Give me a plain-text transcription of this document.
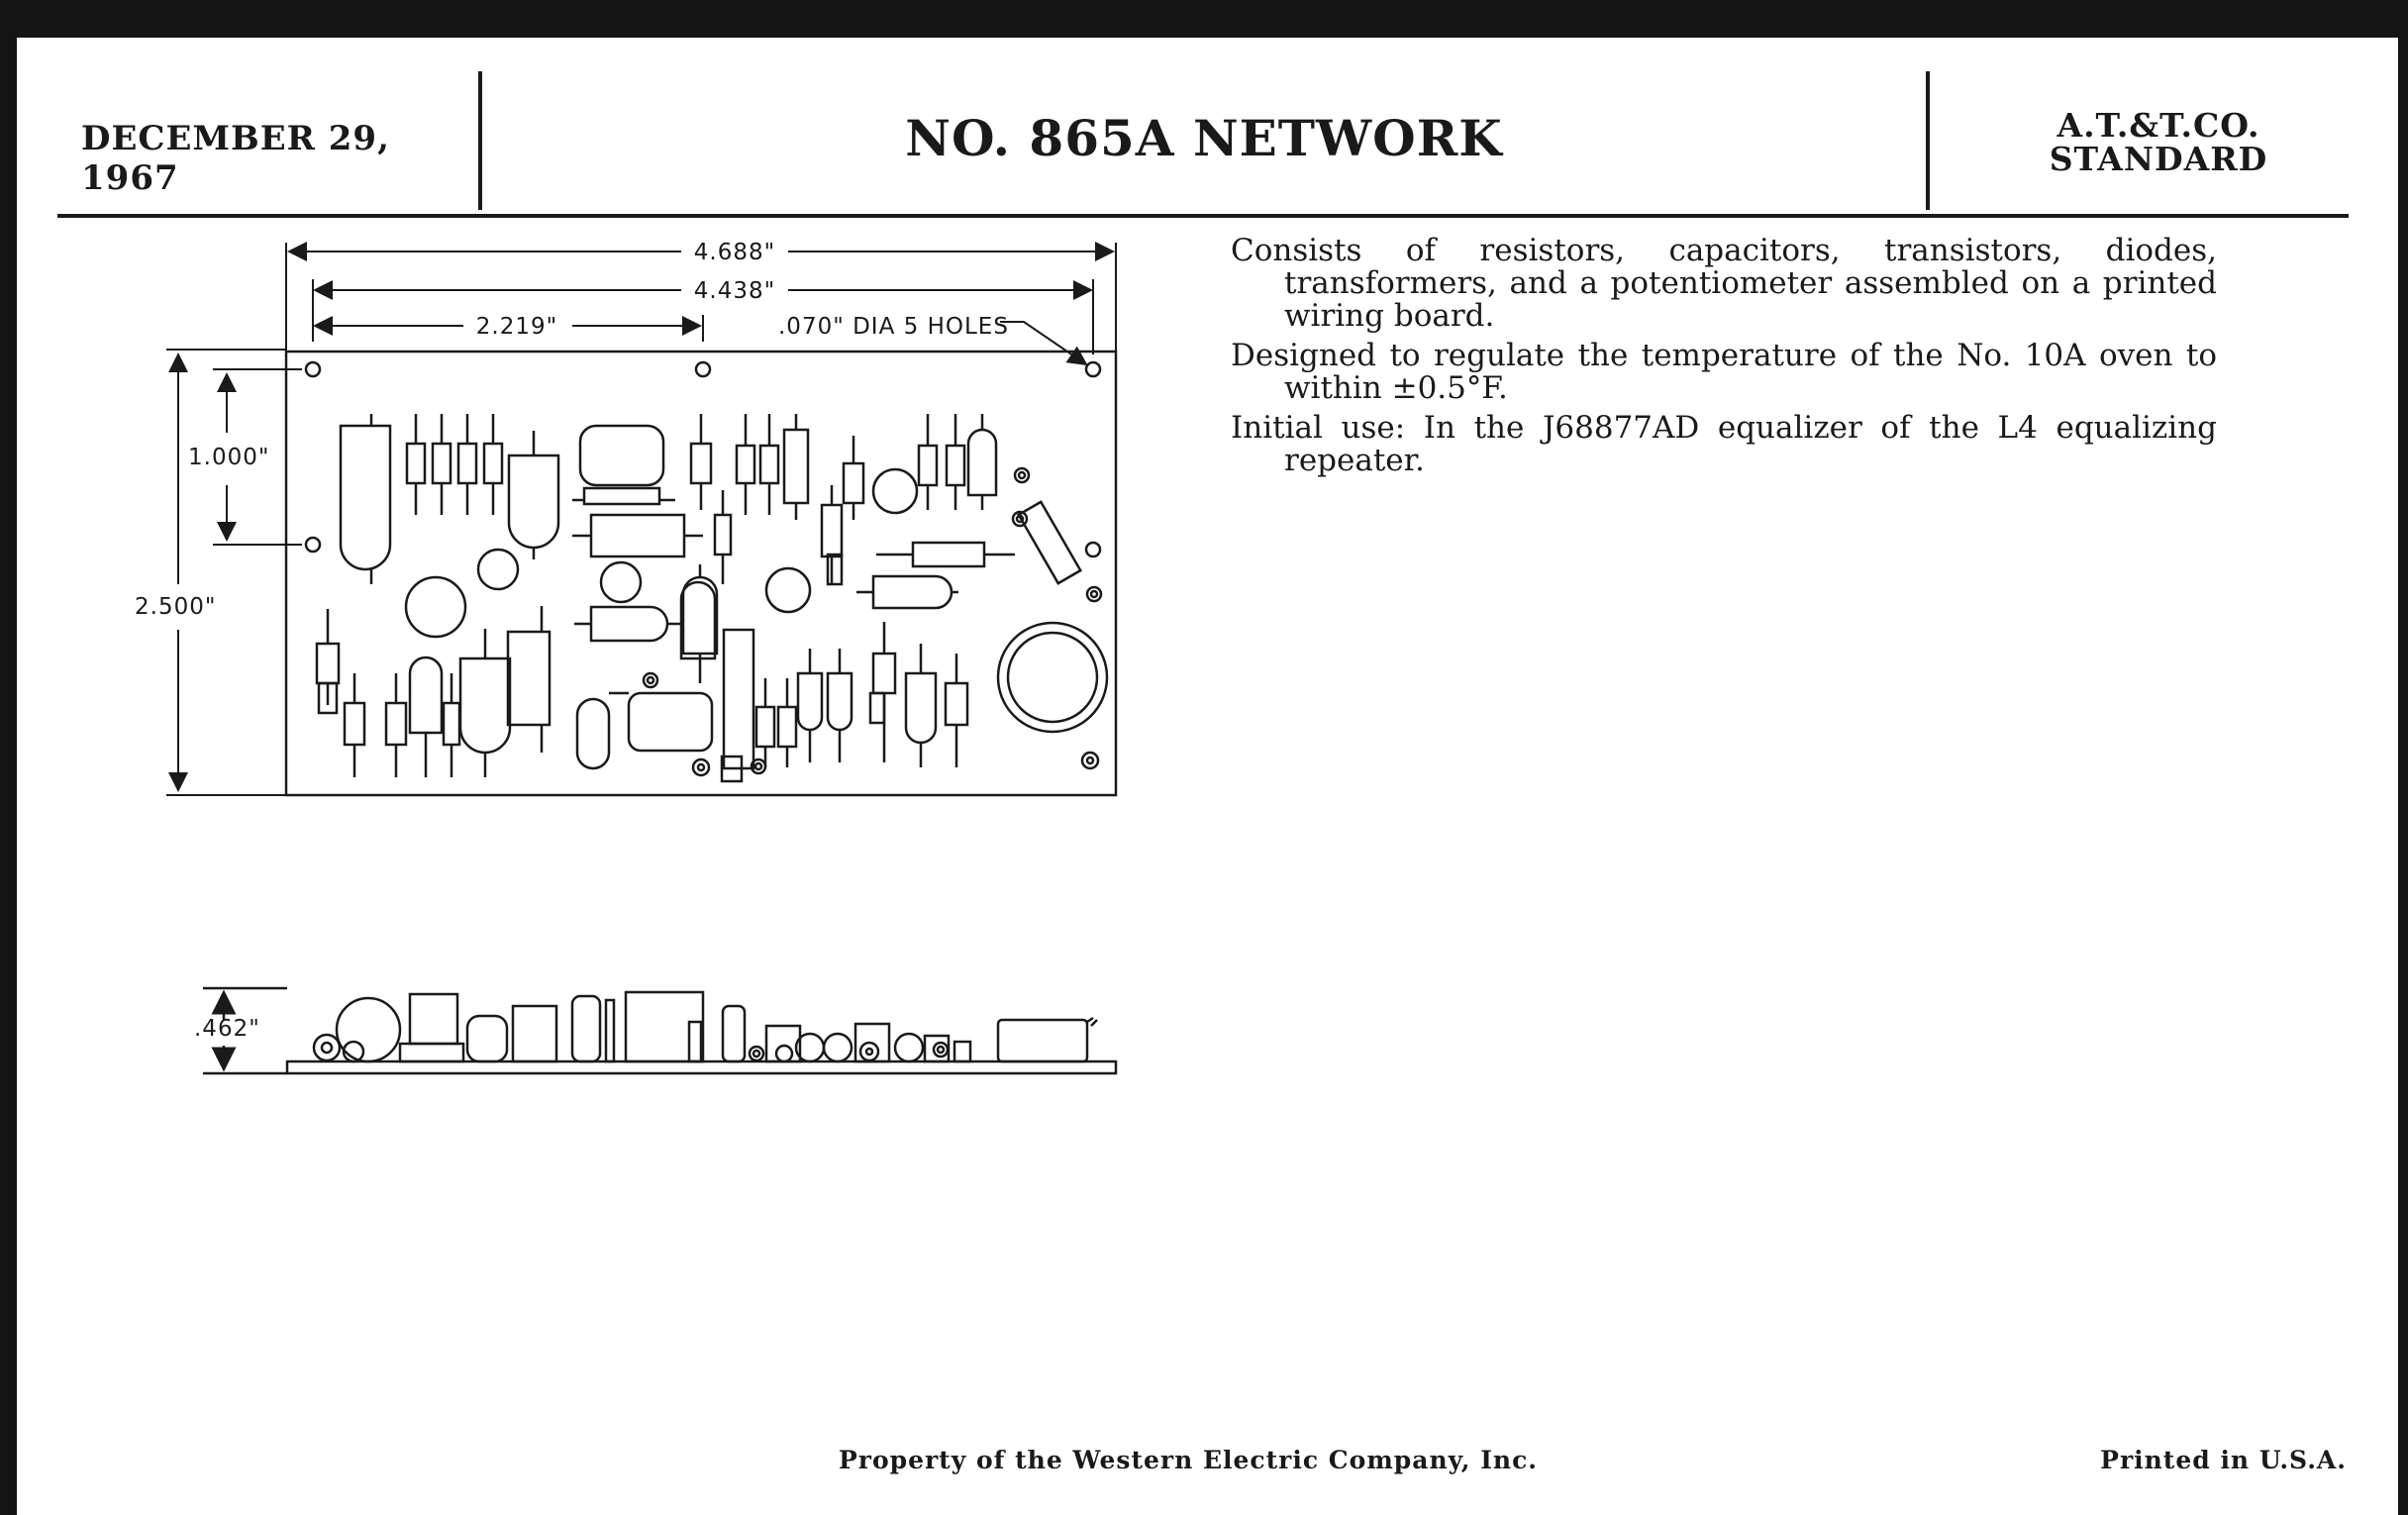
DECEMBER 29, 1967
NO. 865A NETWORK	A.T.&T.CO.
STANDARD

Consists of resistors, capacitors, transistors, diodes, transformers, and a potentiometer assembled on a printed wiring board.

Designed to regulate the temperature of the No. 10A oven to within ±0.5°F.

Initial use: In the J68877AD equalizer of the L4 equalizing repeater.

4.688"
4.438"
2.219"	.070" DIA 5 HOLES
1.000"
2.500"
.462"
Property of the Western Electric Company, Inc.	Printed in U.S.A.
